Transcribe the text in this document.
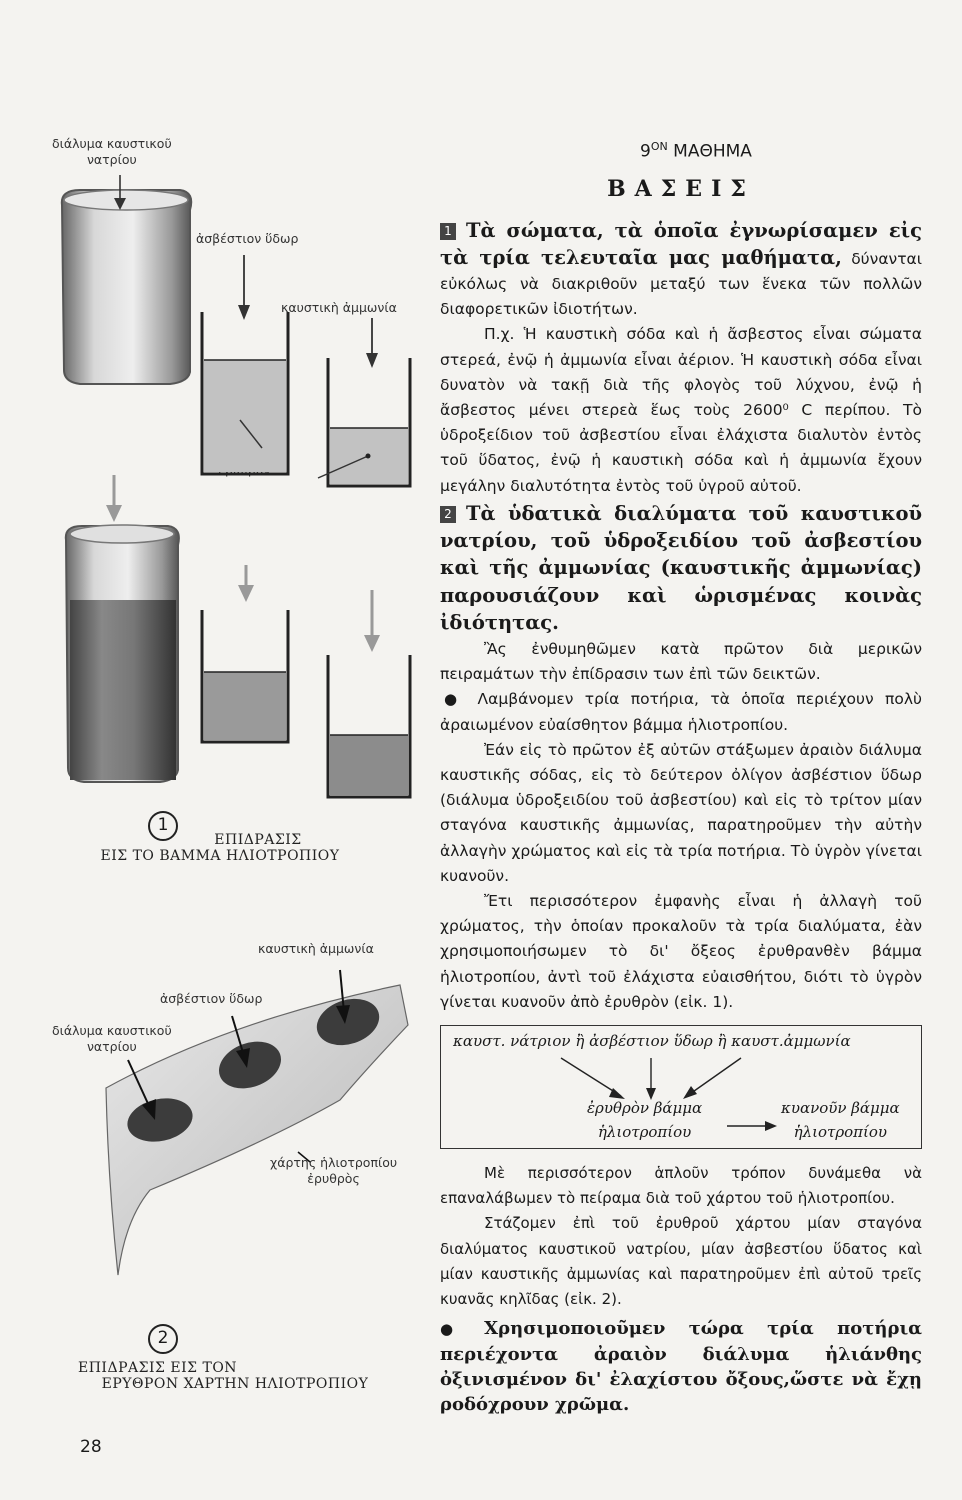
διάλυμα καυστικοῦ
νατρίου
ἀσβέστιον ὕδωρ
καυστικὴ ἀμμωνία
1
ΕΠΙΔΡΑΣΙΣ
ΕΙΣ ΤΟ ΒΑΜΜΑ ΗΛΙΟΤΡΟΠΙΟΥ
καυστικὴ ἀμμωνία
ἀσβέστιον ὕδωρ
διάλυμα καυστικοῦ
νατρίου
χάρτης ἡλιοτροπίου
ἐρυθρὸς
2
ΕΠΙΔΡΑΣΙΣ ΕΙΣ ΤΟΝ
ΕΡΥΘΡΟΝ ΧΑΡΤΗΝ ΗΛΙΟΤΡΟΠΙΟΥ
28
$9^{ON}$ ΜΑΘΗΜΑ
ΒΑΣΕΙΣ

1 Τὰ σώματα, τὰ ὁποῖα ἐγνωρίσαμεν εἰς τὰ τρία τελευταῖα μας μαθήματα, δύνανται εὐκόλως νὰ διακριθοῦν μεταξύ των ἕνεκα τῶν πολλῶν διαφορετικῶν ἰδιοτήτων.

Π.χ. Ἡ καυστικὴ σόδα καὶ ἡ ἄσβεστος εἶναι σώματα στερεά, ἐνῷ ἡ ἀμμωνία εἶναι ἀέριον. Ἡ καυστικὴ σόδα εἶναι δυνατὸν νὰ τακῇ διὰ τῆς φλογὸς τοῦ λύχνου, ἐνῷ ἡ ἄσβεστος μένει στερεὰ ἕως τοὺς 2600⁰ C περίπου. Τὸ ὑδροξείδιον τοῦ ἀσβεστίου εἶναι ἐλάχιστα διαλυτὸν ἐντὸς τοῦ ὕδατος, ἐνῷ ἡ καυστικὴ σόδα καὶ ἡ ἀμμωνία ἔχουν μεγάλην διαλυτότητα ἐντὸς τοῦ ὑγροῦ αὐτοῦ.

2 Τὰ ὑδατικὰ διαλύματα τοῦ καυστικοῦ νατρίου, τοῦ ὑδροξειδίου τοῦ ἀσβεστίου καὶ τῆς ἀμμωνίας (καυστικῆς ἀμμωνίας) παρουσιάζουν καὶ ὡρισμένας κοινὰς ἰδιότητας.

Ἂς ἐνθυμηθῶμεν κατὰ πρῶτον διὰ μερικῶν πειραμάτων τὴν ἐπίδρασιν των ἐπὶ τῶν δεικτῶν.

● Λαμβάνομεν τρία ποτήρια, τὰ ὁποῖα περιέχουν πολὺ ἀραιωμένον εὐαίσθητον βάμμα ἡλιοτροπίου.

Ἐάν εἰς τὸ πρῶτον ἐξ αὐτῶν στάξωμεν ἀραιὸν διάλυμα καυστικῆς σόδας, εἰς τὸ δεύτερον ὀλίγον ἀσβέστιον ὕδωρ (διάλυμα ὑδροξειδίου τοῦ ἀσβεστίου) καὶ εἰς τὸ τρίτον μίαν σταγόνα καυστικῆς ἀμμωνίας, παρατηροῦμεν τὴν αὐτὴν ἀλλαγὴν χρώματος καὶ εἰς τὰ τρία ποτήρια. Τὸ ὑγρὸν γίνεται κυανοῦν.

Ἔτι περισσότερον ἐμφανὴς εἶναι ἡ ἀλλαγὴ τοῦ χρώματος, τὴν ὁποίαν προκαλοῦν τὰ τρία διαλύματα, ἐὰν χρησιμοποιήσωμεν τὸ δι' ὄξεος ἐρυθρανθὲν βάμμα ἡλιοτροπίου, ἀντὶ τοῦ ἐλάχιστα εὐαισθήτου, διότι τὸ ὑγρὸν γίνεται κυανοῦν ἀπὸ ἐρυθρὸν (εἰκ. 1).

καυστ. νάτριον ἢ ἀσβέστιον ὕδωρ ἢ καυστ.ἀμμωνία
ἐρυθρὸν βάμμα
ἡλιοτροπίου
κυανοῦν βάμμα
ἡλιοτροπίου

Μὲ περισσότερον ἁπλοῦν τρόπον δυνάμεθα νὰ επαναλάβωμεν τὸ πείραμα διὰ τοῦ χάρτου τοῦ ἡλιοτροπίου.

Στάζομεν ἐπὶ τοῦ ἐρυθροῦ χάρτου μίαν σταγόνα διαλύματος καυστικοῦ νατρίου, μίαν ἀσβεστίου ὕδατος καὶ μίαν καυστικῆς ἀμμωνίας καὶ παρατηροῦμεν ἐπὶ αὐτοῦ τρεῖς κυανᾶς κηλῖδας (εἰκ. 2).

● Χρησιμοποιοῦμεν τώρα τρία ποτήρια περιέχοντα ἀραιὸν διάλυμα ἡλιάνθης ὀξινισμένον δι' ἐλαχίστου ὄξους,ὥστε νὰ ἔχῃ ροδόχρουν χρῶμα.
